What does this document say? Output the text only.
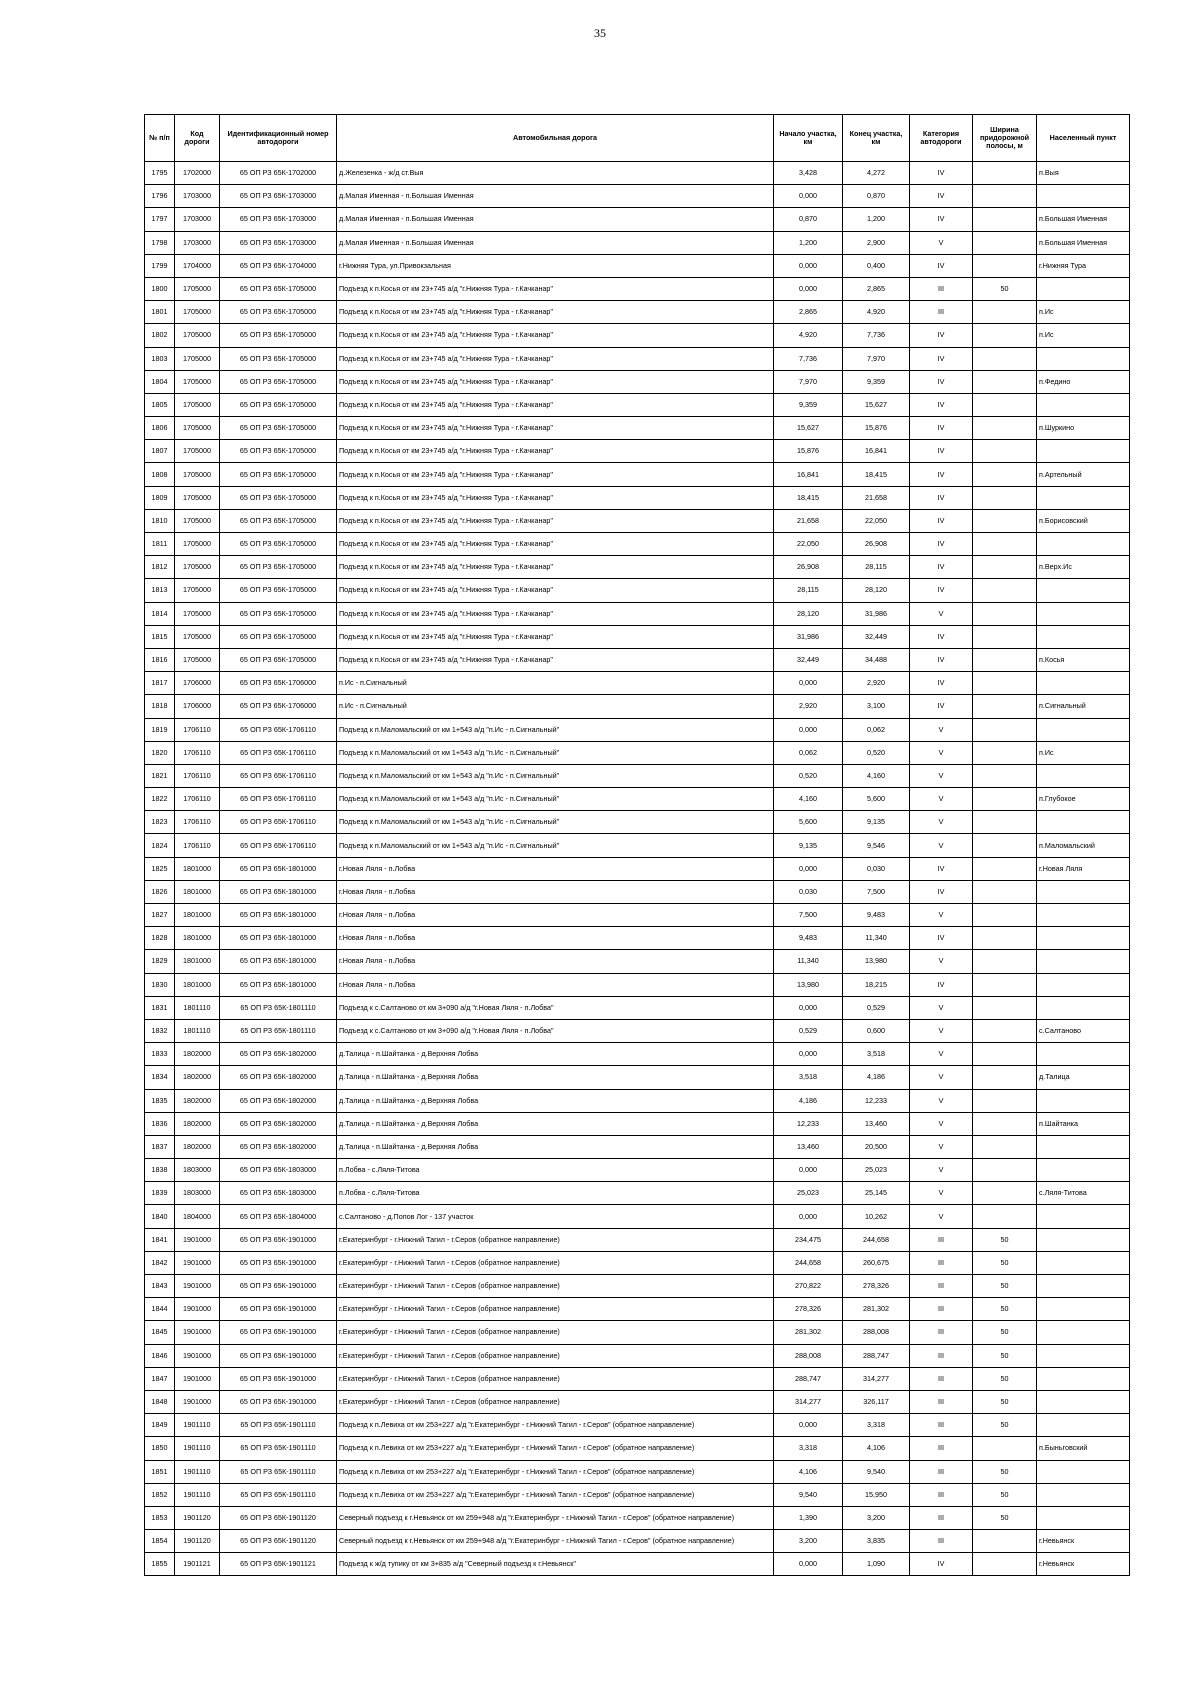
35
№ п/п	Код дороги	Идентификационный номер автодороги	Автомобильная дорога	Начало участка, км	Конец участка, км	Категория автодороги	Ширина придорожной полосы, м	Населенный пункт
1795	1702000	65 ОП РЗ 65К-1702000	д.Железенка - ж/д ст.Выя	3,428	4,272	IV		п.Выя
1796	1703000	65 ОП РЗ 65К-1703000	д.Малая Именная - п.Большая Именная	0,000	0,870	IV		
1797	1703000	65 ОП РЗ 65К-1703000	д.Малая Именная - п.Большая Именная	0,870	1,200	IV		п.Большая Именная
1798	1703000	65 ОП РЗ 65К-1703000	д.Малая Именная - п.Большая Именная	1,200	2,900	V		п.Большая Именная
1799	1704000	65 ОП РЗ 65К-1704000	г.Нижняя Тура, ул.Привокзальная	0,000	0,400	IV		г.Нижняя Тура
1800	1705000	65 ОП РЗ 65К-1705000	Подъезд к п.Косья от км 23+745 а/д "г.Нижняя Тура - г.Качканар"	0,000	2,865	III	50	
1801	1705000	65 ОП РЗ 65К-1705000	Подъезд к п.Косья от км 23+745 а/д "г.Нижняя Тура - г.Качканар"	2,865	4,920	III		п.Ис
1802	1705000	65 ОП РЗ 65К-1705000	Подъезд к п.Косья от км 23+745 а/д "г.Нижняя Тура - г.Качканар"	4,920	7,736	IV		п.Ис
1803	1705000	65 ОП РЗ 65К-1705000	Подъезд к п.Косья от км 23+745 а/д "г.Нижняя Тура - г.Качканар"	7,736	7,970	IV		
1804	1705000	65 ОП РЗ 65К-1705000	Подъезд к п.Косья от км 23+745 а/д "г.Нижняя Тура - г.Качканар"	7,970	9,359	IV		п.Федино
1805	1705000	65 ОП РЗ 65К-1705000	Подъезд к п.Косья от км 23+745 а/д "г.Нижняя Тура - г.Качканар"	9,359	15,627	IV		
1806	1705000	65 ОП РЗ 65К-1705000	Подъезд к п.Косья от км 23+745 а/д "г.Нижняя Тура - г.Качканар"	15,627	15,876	IV		п.Шуркино
1807	1705000	65 ОП РЗ 65К-1705000	Подъезд к п.Косья от км 23+745 а/д "г.Нижняя Тура - г.Качканар"	15,876	16,841	IV		
1808	1705000	65 ОП РЗ 65К-1705000	Подъезд к п.Косья от км 23+745 а/д "г.Нижняя Тура - г.Качканар"	16,841	18,415	IV		п.Артельный
1809	1705000	65 ОП РЗ 65К-1705000	Подъезд к п.Косья от км 23+745 а/д "г.Нижняя Тура - г.Качканар"	18,415	21,658	IV		
1810	1705000	65 ОП РЗ 65К-1705000	Подъезд к п.Косья от км 23+745 а/д "г.Нижняя Тура - г.Качканар"	21,658	22,050	IV		п.Борисовский
1811	1705000	65 ОП РЗ 65К-1705000	Подъезд к п.Косья от км 23+745 а/д "г.Нижняя Тура - г.Качканар"	22,050	26,908	IV		
1812	1705000	65 ОП РЗ 65К-1705000	Подъезд к п.Косья от км 23+745 а/д "г.Нижняя Тура - г.Качканар"	26,908	28,115	IV		п.Верх.Ис
1813	1705000	65 ОП РЗ 65К-1705000	Подъезд к п.Косья от км 23+745 а/д "г.Нижняя Тура - г.Качканар"	28,115	28,120	IV		
1814	1705000	65 ОП РЗ 65К-1705000	Подъезд к п.Косья от км 23+745 а/д "г.Нижняя Тура - г.Качканар"	28,120	31,986	V		
1815	1705000	65 ОП РЗ 65К-1705000	Подъезд к п.Косья от км 23+745 а/д "г.Нижняя Тура - г.Качканар"	31,986	32,449	IV		
1816	1705000	65 ОП РЗ 65К-1705000	Подъезд к п.Косья от км 23+745 а/д "г.Нижняя Тура - г.Качканар"	32,449	34,488	IV		п.Косья
1817	1706000	65 ОП РЗ 65К-1706000	п.Ис - п.Сигнальный	0,000	2,920	IV		
1818	1706000	65 ОП РЗ 65К-1706000	п.Ис - п.Сигнальный	2,920	3,100	IV		п.Сигнальный
1819	1706110	65 ОП РЗ 65К-1706110	Подъезд к п.Маломальский от км 1+543 а/д "п.Ис - п.Сигнальный"	0,000	0,062	V		
1820	1706110	65 ОП РЗ 65К-1706110	Подъезд к п.Маломальский от км 1+543 а/д "п.Ис - п.Сигнальный"	0,062	0,520	V		п.Ис
1821	1706110	65 ОП РЗ 65К-1706110	Подъезд к п.Маломальский от км 1+543 а/д "п.Ис - п.Сигнальный"	0,520	4,160	V		
1822	1706110	65 ОП РЗ 65К-1706110	Подъезд к п.Маломальский от км 1+543 а/д "п.Ис - п.Сигнальный"	4,160	5,600	V		п.Глубокое
1823	1706110	65 ОП РЗ 65К-1706110	Подъезд к п.Маломальский от км 1+543 а/д "п.Ис - п.Сигнальный"	5,600	9,135	V		
1824	1706110	65 ОП РЗ 65К-1706110	Подъезд к п.Маломальский от км 1+543 а/д "п.Ис - п.Сигнальный"	9,135	9,546	V		п.Маломальский
1825	1801000	65 ОП РЗ 65К-1801000	г.Новая Ляля - п.Лобва	0,000	0,030	IV		г.Новая Ляля
1826	1801000	65 ОП РЗ 65К-1801000	г.Новая Ляля - п.Лобва	0,030	7,500	IV		
1827	1801000	65 ОП РЗ 65К-1801000	г.Новая Ляля - п.Лобва	7,500	9,483	V		
1828	1801000	65 ОП РЗ 65К-1801000	г.Новая Ляля - п.Лобва	9,483	11,340	IV		
1829	1801000	65 ОП РЗ 65К-1801000	г.Новая Ляля - п.Лобва	11,340	13,980	V		
1830	1801000	65 ОП РЗ 65К-1801000	г.Новая Ляля - п.Лобва	13,980	18,215	IV		
1831	1801110	65 ОП РЗ 65К-1801110	Подъезд к с.Салтаново от км 3+090 а/д "г.Новая Ляля - п.Лобва"	0,000	0,529	V		
1832	1801110	65 ОП РЗ 65К-1801110	Подъезд к с.Салтаново от км 3+090 а/д "г.Новая Ляля - п.Лобва"	0,529	0,600	V		с.Салтаново
1833	1802000	65 ОП РЗ 65К-1802000	д.Талица - п.Шайтанка - д.Верхняя Лобва	0,000	3,518	V		
1834	1802000	65 ОП РЗ 65К-1802000	д.Талица - п.Шайтанка - д.Верхняя Лобва	3,518	4,186	V		д.Талица
1835	1802000	65 ОП РЗ 65К-1802000	д.Талица - п.Шайтанка - д.Верхняя Лобва	4,186	12,233	V		
1836	1802000	65 ОП РЗ 65К-1802000	д.Талица - п.Шайтанка - д.Верхняя Лобва	12,233	13,460	V		п.Шайтанка
1837	1802000	65 ОП РЗ 65К-1802000	д.Талица - п.Шайтанка - д.Верхняя Лобва	13,460	20,500	V		
1838	1803000	65 ОП РЗ 65К-1803000	п.Лобва - с.Ляля-Титова	0,000	25,023	V		
1839	1803000	65 ОП РЗ 65К-1803000	п.Лобва - с.Ляля-Титова	25,023	25,145	V		с.Ляля-Титова
1840	1804000	65 ОП РЗ 65К-1804000	с.Салтаново - д.Попов Лог - 137 участок	0,000	10,262	V		
1841	1901000	65 ОП РЗ 65К-1901000	г.Екатеринбург - г.Нижний Тагил - г.Серов (обратное направление)	234,475	244,658	III	50	
1842	1901000	65 ОП РЗ 65К-1901000	г.Екатеринбург - г.Нижний Тагил - г.Серов (обратное направление)	244,658	260,675	III	50	
1843	1901000	65 ОП РЗ 65К-1901000	г.Екатеринбург - г.Нижний Тагил - г.Серов (обратное направление)	270,822	278,326	III	50	
1844	1901000	65 ОП РЗ 65К-1901000	г.Екатеринбург - г.Нижний Тагил - г.Серов (обратное направление)	278,326	281,302	III	50	
1845	1901000	65 ОП РЗ 65К-1901000	г.Екатеринбург - г.Нижний Тагил - г.Серов (обратное направление)	281,302	288,008	III	50	
1846	1901000	65 ОП РЗ 65К-1901000	г.Екатеринбург - г.Нижний Тагил - г.Серов (обратное направление)	288,008	288,747	III	50	
1847	1901000	65 ОП РЗ 65К-1901000	г.Екатеринбург - г.Нижний Тагил - г.Серов (обратное направление)	288,747	314,277	III	50	
1848	1901000	65 ОП РЗ 65К-1901000	г.Екатеринбург - г.Нижний Тагил - г.Серов (обратное направление)	314,277	326,117	III	50	
1849	1901110	65 ОП РЗ 65К-1901110	Подъезд к п.Левиха от км 253+227 а/д "г.Екатеринбург - г.Нижний Тагил - г.Серов" (обратное направление)	0,000	3,318	III	50	
1850	1901110	65 ОП РЗ 65К-1901110	Подъезд к п.Левиха от км 253+227 а/д "г.Екатеринбург - г.Нижний Тагил - г.Серов" (обратное направление)	3,318	4,106	III		п.Быньговский
1851	1901110	65 ОП РЗ 65К-1901110	Подъезд к п.Левиха от км 253+227 а/д "г.Екатеринбург - г.Нижний Тагил - г.Серов" (обратное направление)	4,106	9,540	III	50	
1852	1901110	65 ОП РЗ 65К-1901110	Подъезд к п.Левиха от км 253+227 а/д "г.Екатеринбург - г.Нижний Тагил - г.Серов" (обратное направление)	9,540	15,950	III	50	
1853	1901120	65 ОП РЗ 65К-1901120	Северный подъезд к г.Невьянск от км 259+948 а/д "г.Екатеринбург - г.Нижний Тагил - г.Серов" (обратное направление)	1,390	3,200	III	50	
1854	1901120	65 ОП РЗ 65К-1901120	Северный подъезд к г.Невьянск от км 259+948 а/д "г.Екатеринбург - г.Нижний Тагил - г.Серов" (обратное направление)	3,200	3,835	III		г.Невьянск
1855	1901121	65 ОП РЗ 65К-1901121	Подъезд к ж/д тупику от км 3+835 а/д "Северный подъезд к г.Невьянск"	0,000	1,090	IV		г.Невьянск
